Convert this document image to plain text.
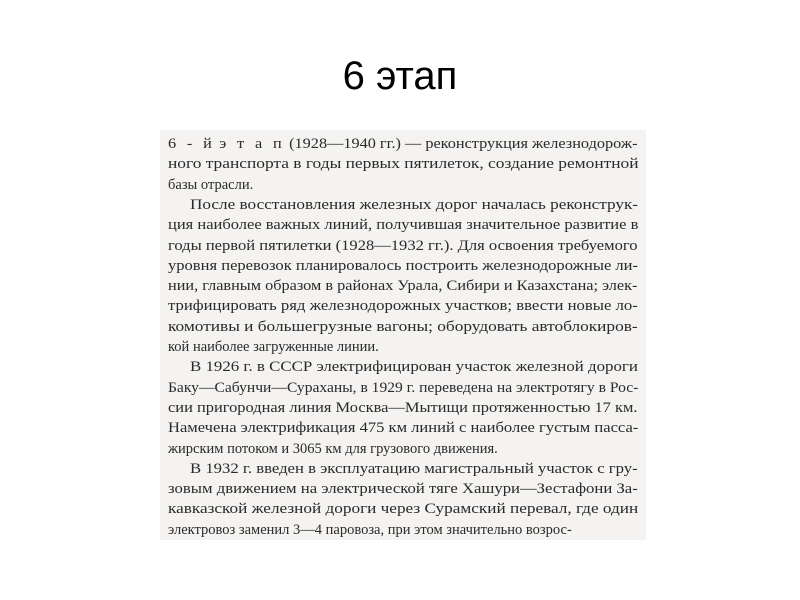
6 этап
6 - й э т а п (1928—1940 гг.) — реконструкция железнодорож-
ного транспорта в годы первых пятилеток, создание ремонтной
базы отрасли.
После восстановления железных дорог началась реконструк-
ция наиболее важных линий, получившая значительное развитие в
годы первой пятилетки (1928—1932 гг.). Для освоения требуемого
уровня перевозок планировалось построить железнодорожные ли-
нии, главным образом в районах Урала, Сибири и Казахстана; элек-
трифицировать ряд железнодорожных участков; ввести новые ло-
комотивы и большегрузные вагоны; оборудовать автоблокиров-
кой наиболее загруженные линии.
В 1926 г. в СССР электрифицирован участок железной дороги
Баку—Сабунчи—Сураханы, в 1929 г. переведена на электротягу в Рос-
сии пригородная линия Москва—Мытищи протяженностью 17 км.
Намечена электрификация 475 км линий с наиболее густым пасса-
жирским потоком и 3065 км для грузового движения.
В 1932 г. введен в эксплуатацию магистральный участок с гру-
зовым движением на электрической тяге Хашури—Зестафони За-
кавказской железной дороги через Сурамский перевал, где один
электровоз заменил 3—4 паровоза, при этом значительно возрос-
